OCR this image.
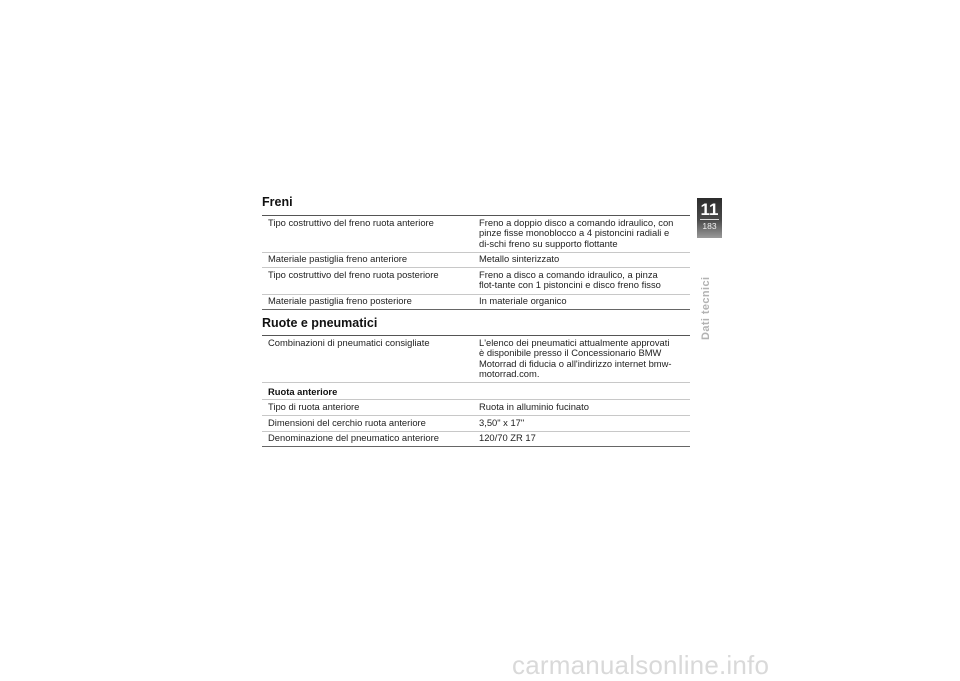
Freni
Tipo costruttivo del freno ruota anteriore	Freno a doppio disco a comando idraulico, con pinze fisse monoblocco a 4 pistoncini radiali e di-schi freno su supporto flottante
Materiale pastiglia freno anteriore	Metallo sinterizzato
Tipo costruttivo del freno ruota posteriore	Freno a disco a comando idraulico, a pinza flot-tante con 1 pistoncini e disco freno fisso
Materiale pastiglia freno posteriore	In materiale organico
Ruote e pneumatici
Combinazioni di pneumatici consigliate	L'elenco dei pneumatici attualmente approvati è disponibile presso il Concessionario BMW Motorrad di fiducia o all'indirizzo internet bmw-motorrad.com.
Ruota anteriore	
Tipo di ruota anteriore	Ruota in alluminio fucinato
Dimensioni del cerchio ruota anteriore	3,50" x 17"
Denominazione del pneumatico anteriore	120/70 ZR 17
11
183
Dati tecnici
carmanualsonline.info
